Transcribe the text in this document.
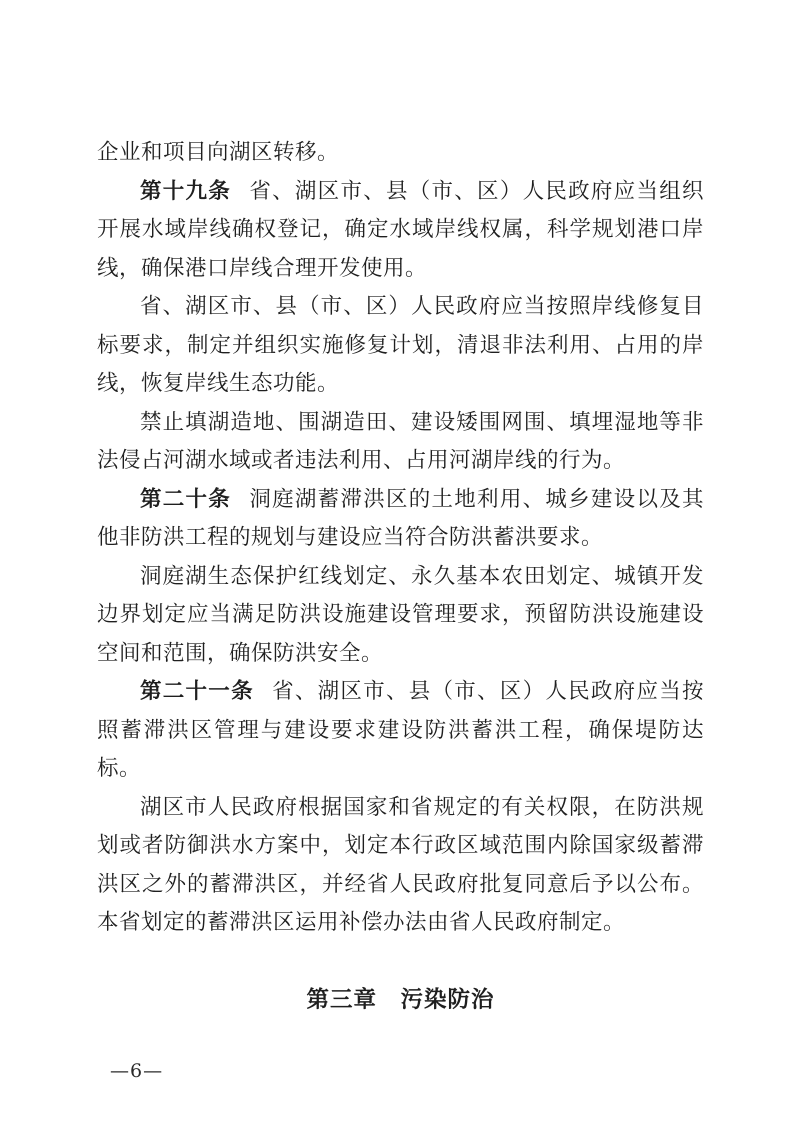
企业和项目向湖区转移。

第十九条 省、湖区市、县（市、区）人民政府应当组织开展水域岸线确权登记，确定水域岸线权属，科学规划港口岸线，确保港口岸线合理开发使用。

省、湖区市、县（市、区）人民政府应当按照岸线修复目标要求，制定并组织实施修复计划，清退非法利用、占用的岸线，恢复岸线生态功能。

禁止填湖造地、围湖造田、建设矮围网围、填埋湿地等非法侵占河湖水域或者违法利用、占用河湖岸线的行为。

第二十条 洞庭湖蓄滞洪区的土地利用、城乡建设以及其他非防洪工程的规划与建设应当符合防洪蓄洪要求。

洞庭湖生态保护红线划定、永久基本农田划定、城镇开发边界划定应当满足防洪设施建设管理要求，预留防洪设施建设空间和范围，确保防洪安全。

第二十一条 省、湖区市、县（市、区）人民政府应当按照蓄滞洪区管理与建设要求建设防洪蓄洪工程，确保堤防达标。

湖区市人民政府根据国家和省规定的有关权限，在防洪规划或者防御洪水方案中，划定本行政区域范围内除国家级蓄滞洪区之外的蓄滞洪区，并经省人民政府批复同意后予以公布。本省划定的蓄滞洪区运用补偿办法由省人民政府制定。

第三章　污染防治

—6—
